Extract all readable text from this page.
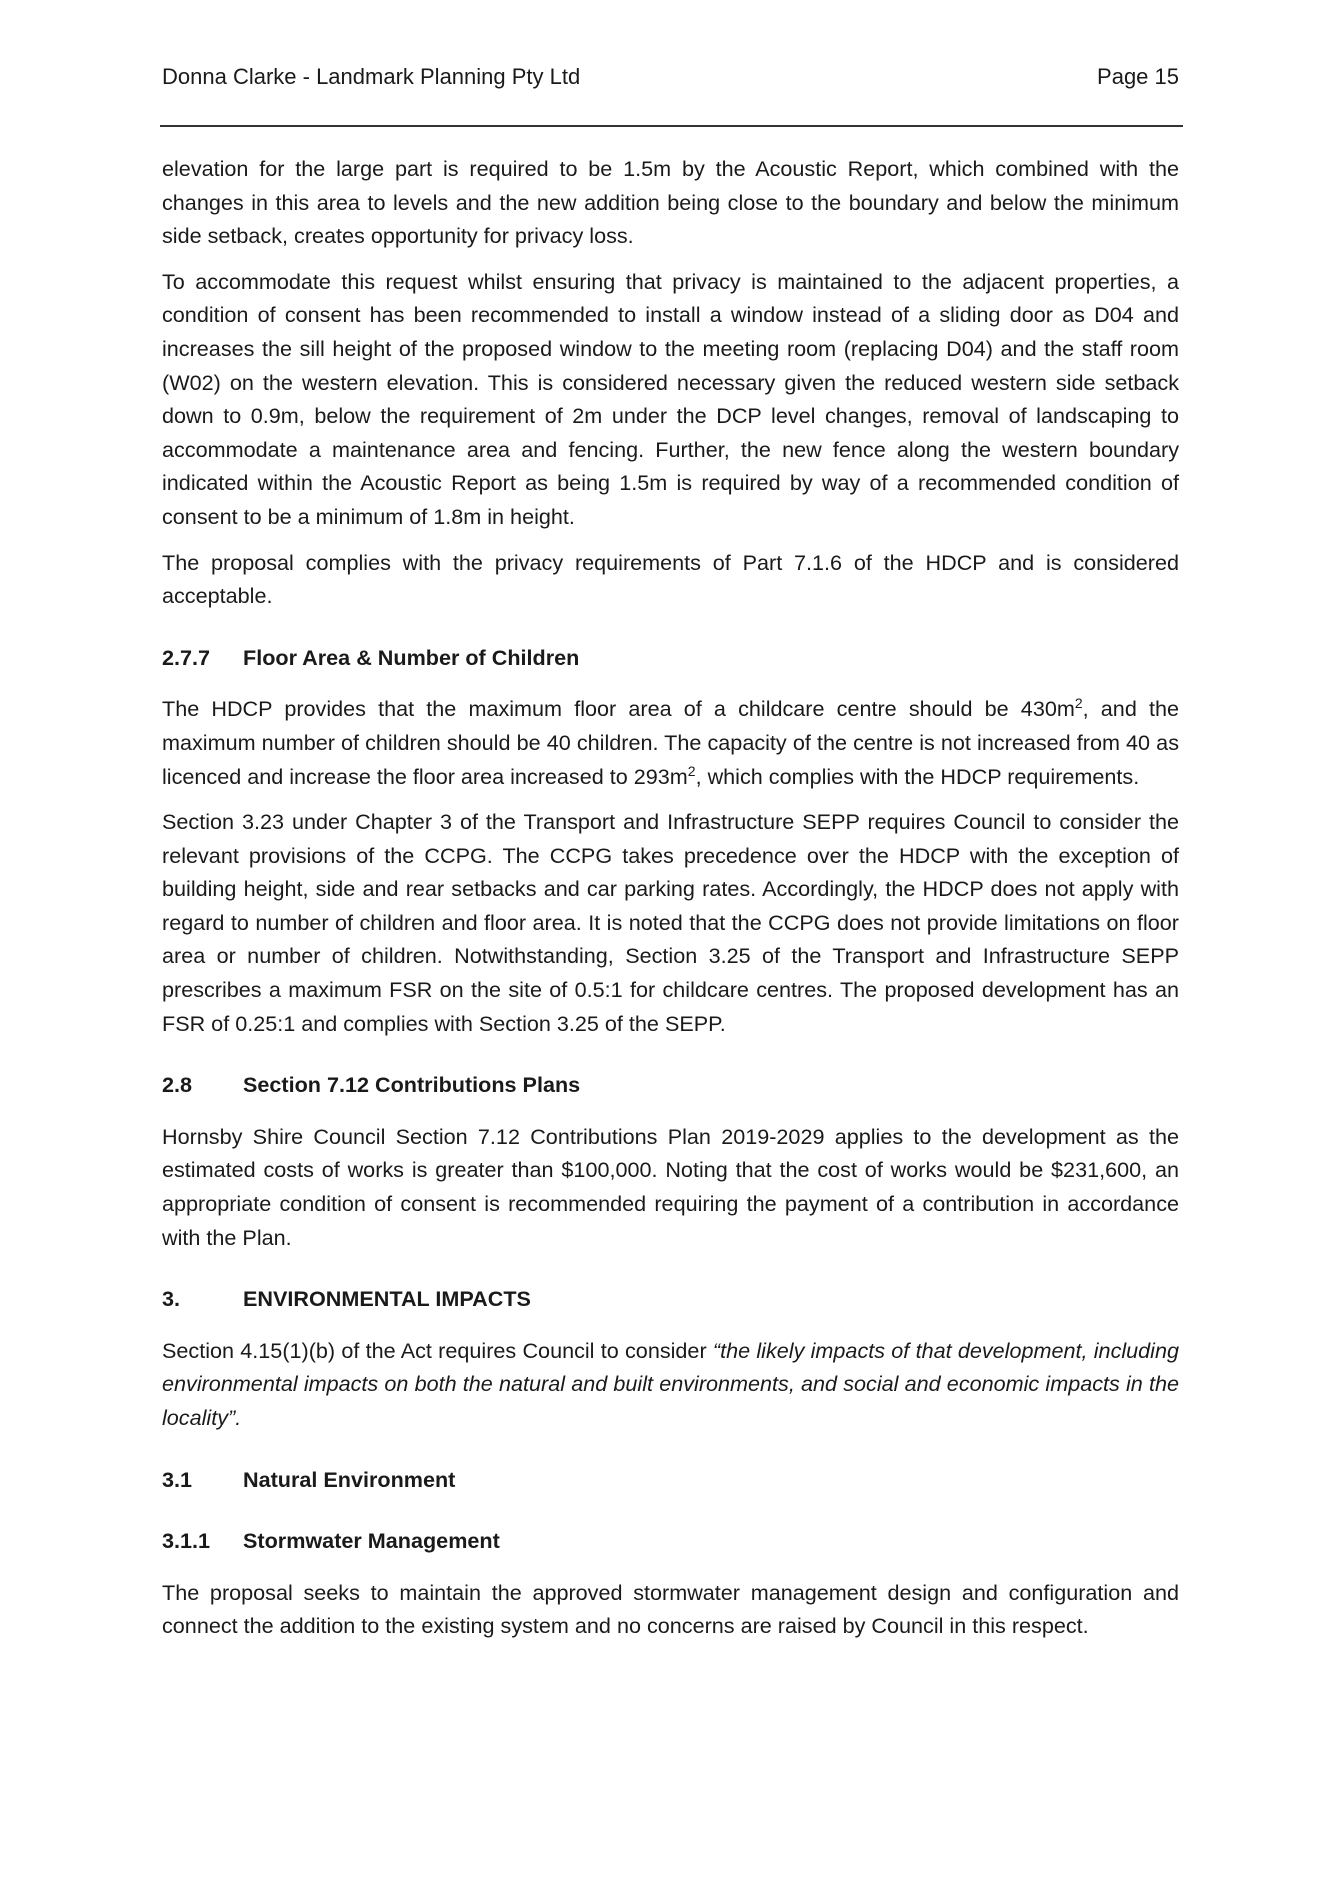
Donna Clarke - Landmark Planning Pty Ltd	Page 15

elevation for the large part is required to be 1.5m by the Acoustic Report, which combined with the changes in this area to levels and the new addition being close to the boundary and below the minimum side setback, creates opportunity for privacy loss.

To accommodate this request whilst ensuring that privacy is maintained to the adjacent properties, a condition of consent has been recommended to install a window instead of a sliding door as D04 and increases the sill height of the proposed window to the meeting room (replacing D04) and the staff room (W02) on the western elevation. This is considered necessary given the reduced western side setback down to 0.9m, below the requirement of 2m under the DCP level changes, removal of landscaping to accommodate a maintenance area and fencing. Further, the new fence along the western boundary indicated within the Acoustic Report as being 1.5m is required by way of a recommended condition of consent to be a minimum of 1.8m in height.

The proposal complies with the privacy requirements of Part 7.1.6 of the HDCP and is considered acceptable.

2.7.7	Floor Area & Number of Children

The HDCP provides that the maximum floor area of a childcare centre should be $430m^2$, and the maximum number of children should be 40 children. The capacity of the centre is not increased from 40 as licenced and increase the floor area increased to $293m^2$, which complies with the HDCP requirements.

Section 3.23 under Chapter 3 of the Transport and Infrastructure SEPP requires Council to consider the relevant provisions of the CCPG. The CCPG takes precedence over the HDCP with the exception of building height, side and rear setbacks and car parking rates. Accordingly, the HDCP does not apply with regard to number of children and floor area. It is noted that the CCPG does not provide limitations on floor area or number of children. Notwithstanding, Section 3.25 of the Transport and Infrastructure SEPP prescribes a maximum FSR on the site of 0.5:1 for childcare centres. The proposed development has an FSR of 0.25:1 and complies with Section 3.25 of the SEPP.

2.8	Section 7.12 Contributions Plans

Hornsby Shire Council Section 7.12 Contributions Plan 2019-2029 applies to the development as the estimated costs of works is greater than $100,000. Noting that the cost of works would be $231,600, an appropriate condition of consent is recommended requiring the payment of a contribution in accordance with the Plan.

3.	ENVIRONMENTAL IMPACTS

Section 4.15(1)(b) of the Act requires Council to consider “the likely impacts of that development, including environmental impacts on both the natural and built environments, and social and economic impacts in the locality”.

3.1	Natural Environment
3.1.1	Stormwater Management

The proposal seeks to maintain the approved stormwater management design and configuration and connect the addition to the existing system and no concerns are raised by Council in this respect.
